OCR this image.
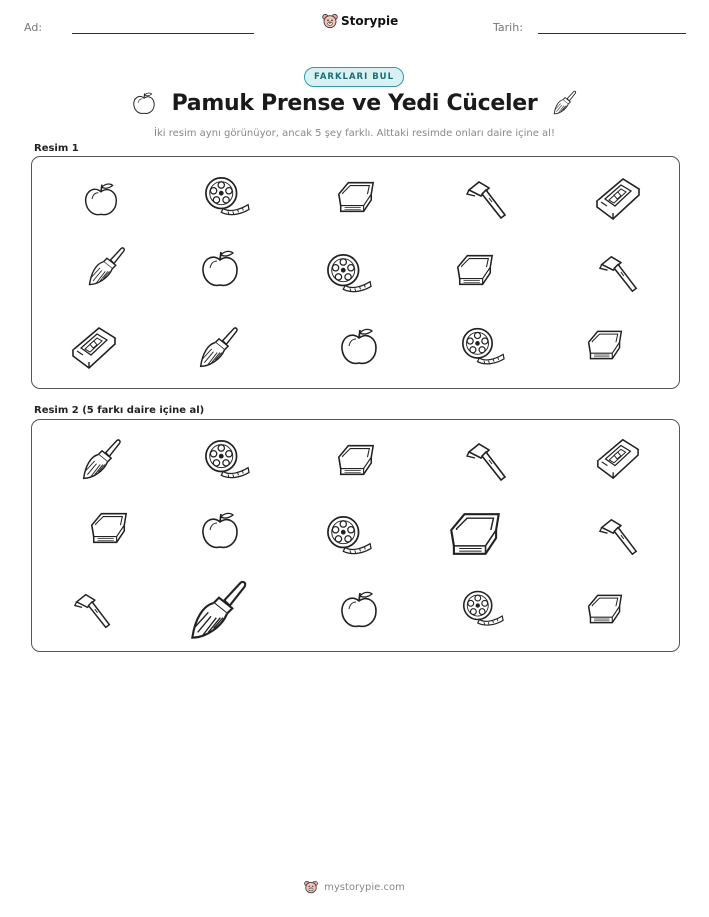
Ad:	Storypie	Tarih:
FARKLARI BUL
Pamuk Prense ve Yedi Cüceler
İki resim aynı görünüyor, ancak 5 şey farklı. Alttaki resimde onları daire içine al!
Resim 1
Resim 2 (5 farkı daire içine al)
mystorypie.com
